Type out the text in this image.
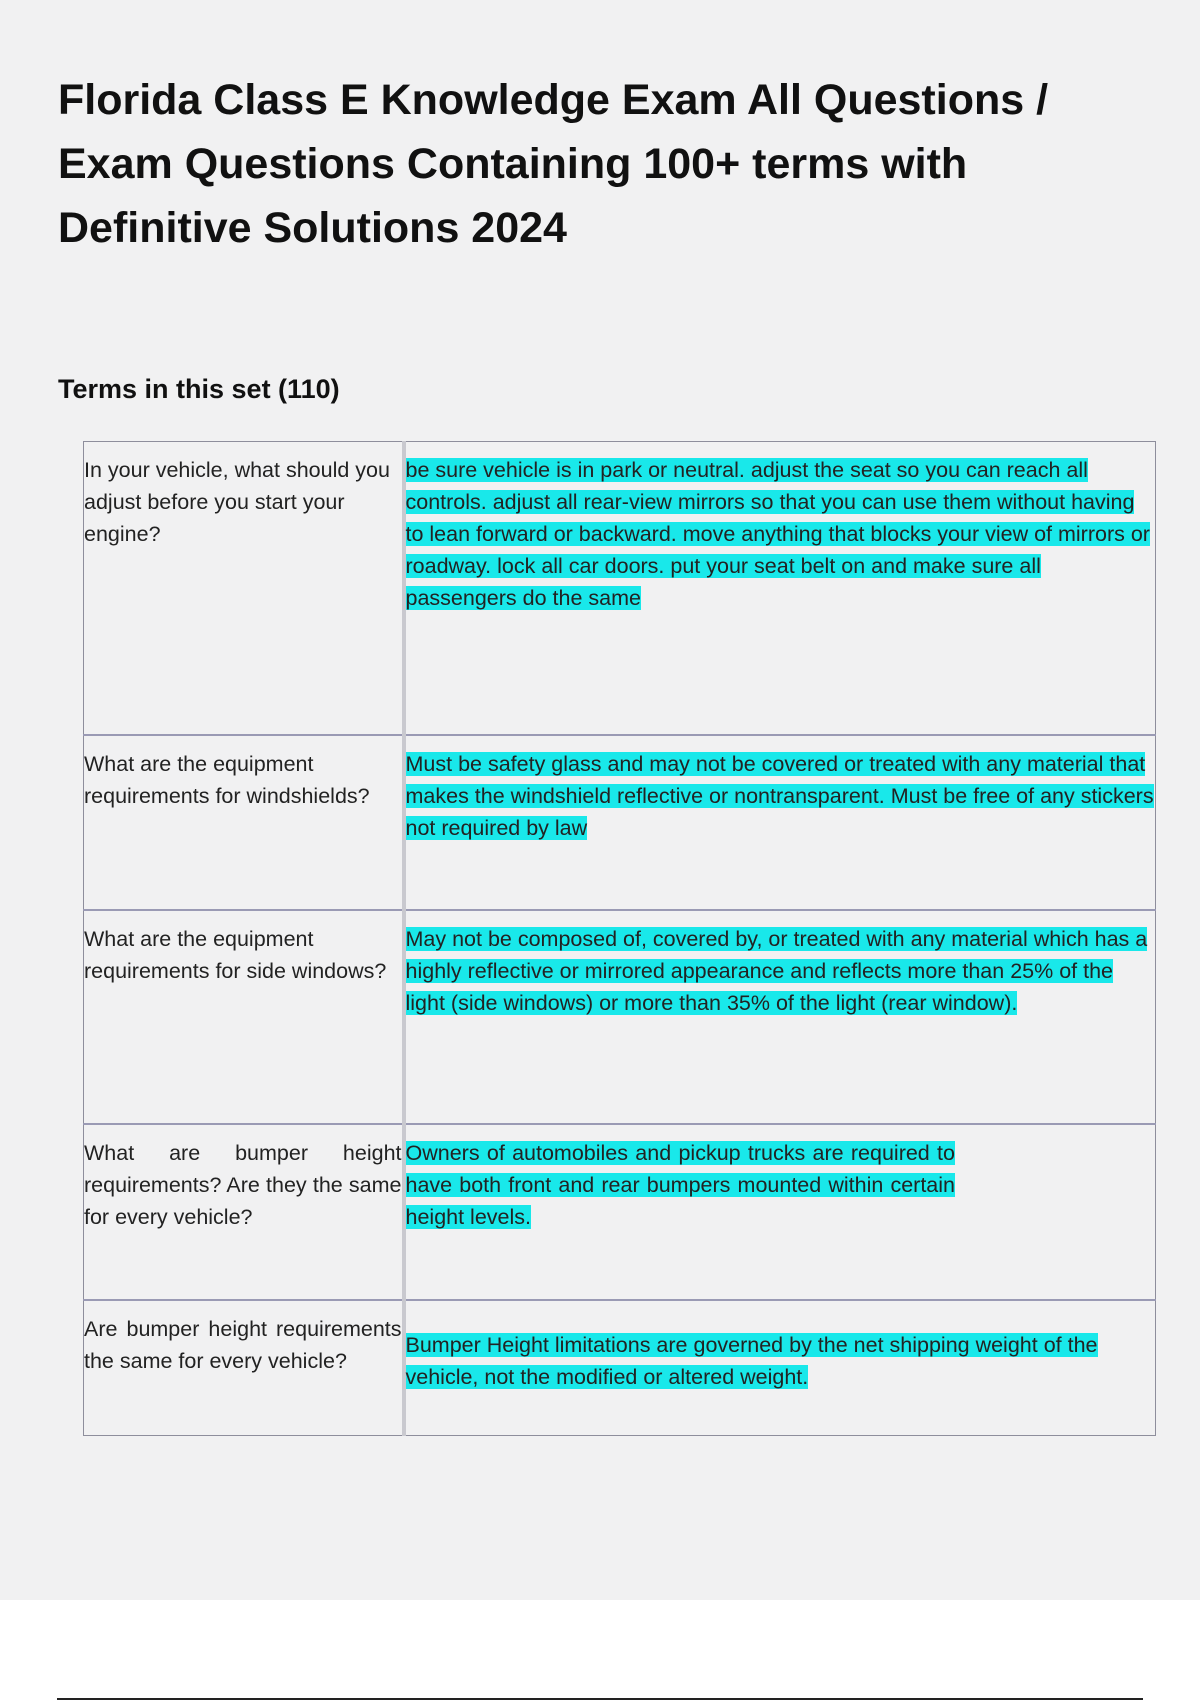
Florida Class E Knowledge Exam All Questions / Exam Questions Containing 100+ terms with Definitive Solutions 2024
Terms in this set (110)
In your vehicle, what should you adjust before you start your engine?	be sure vehicle is in park or neutral. adjust the seat so you can reach all controls. adjust all rear-view mirrors so that you can use them without having to lean forward or backward. move anything that blocks your view of mirrors or roadway. lock all car doors. put your seat belt on and make sure all passengers do the same
What are the equipment requirements for windshields?	Must be safety glass and may not be covered or treated with any material that makes the windshield reflective or nontransparent. Must be free of any stickers not required by law
What are the equipment requirements for side windows?	May not be composed of, covered by, or treated with any material which has a highly reflective or mirrored appearance and reflects more than 25% of the light (side windows) or more than 35% of the light (rear window).
What are bumper height requirements? Are they the same for every vehicle?	Owners of automobiles and pickup trucks are required to have both front and rear bumpers mounted within certain height levels.
Are bumper height requirements the same for every vehicle?	Bumper Height limitations are governed by the net shipping weight of the vehicle, not the modified or altered weight.
